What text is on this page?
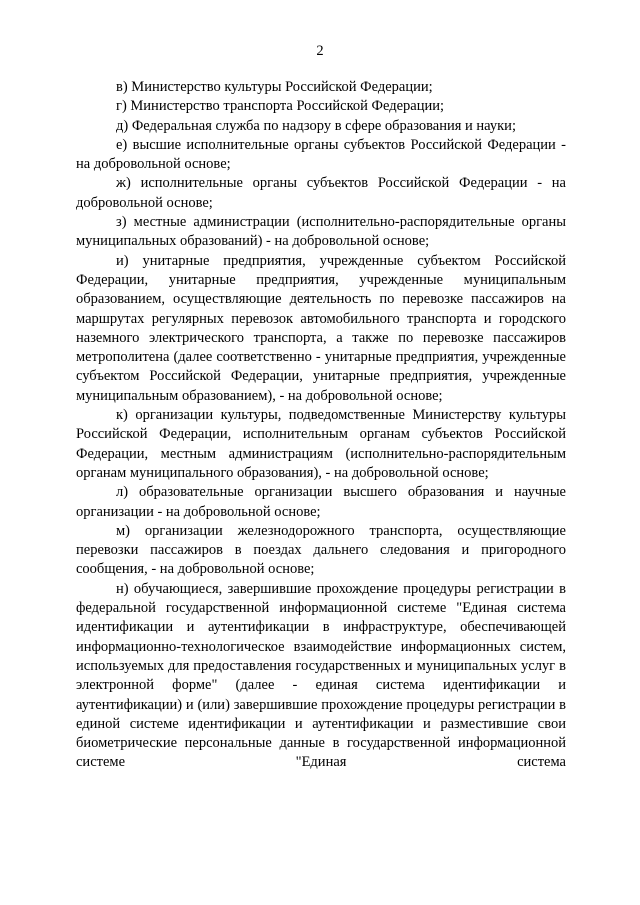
2

в) Министерство культуры Российской Федерации;

г) Министерство транспорта Российской Федерации;

д) Федеральная служба по надзору в сфере образования и науки;

е) высшие исполнительные органы субъектов Российской Федерации - на добровольной основе;

ж) исполнительные органы субъектов Российской Федерации - на добровольной основе;

з) местные администрации (исполнительно-распорядительные органы муниципальных образований) - на добровольной основе;

и) унитарные предприятия, учрежденные субъектом Российской Федерации, унитарные предприятия, учрежденные муниципальным образованием, осуществляющие деятельность по перевозке пассажиров на маршрутах регулярных перевозок автомобильного транспорта и городского наземного электрического транспорта, а также по перевозке пассажиров метрополитена (далее соответственно - унитарные предприятия, учрежденные субъектом Российской Федерации, унитарные предприятия, учрежденные муниципальным образованием), - на добровольной основе;

к) организации культуры, подведомственные Министерству культуры Российской Федерации, исполнительным органам субъектов Российской Федерации, местным администрациям (исполнительно-распорядительным органам муниципального образования), - на добровольной основе;

л) образовательные организации высшего образования и научные организации - на добровольной основе;

м) организации железнодорожного транспорта, осуществляющие перевозки пассажиров в поездах дальнего следования и пригородного сообщения, - на добровольной основе;

н) обучающиеся, завершившие прохождение процедуры регистрации в федеральной государственной информационной системе "Единая система идентификации и аутентификации в инфраструктуре, обеспечивающей информационно-технологическое взаимодействие информационных систем, используемых для предоставления государственных и муниципальных услуг в электронной форме" (далее - единая система идентификации и аутентификации) и (или) завершившие прохождение процедуры регистрации в единой системе идентификации и аутентификации и разместившие свои биометрические персональные данные в государственной информационной системе "Единая система
